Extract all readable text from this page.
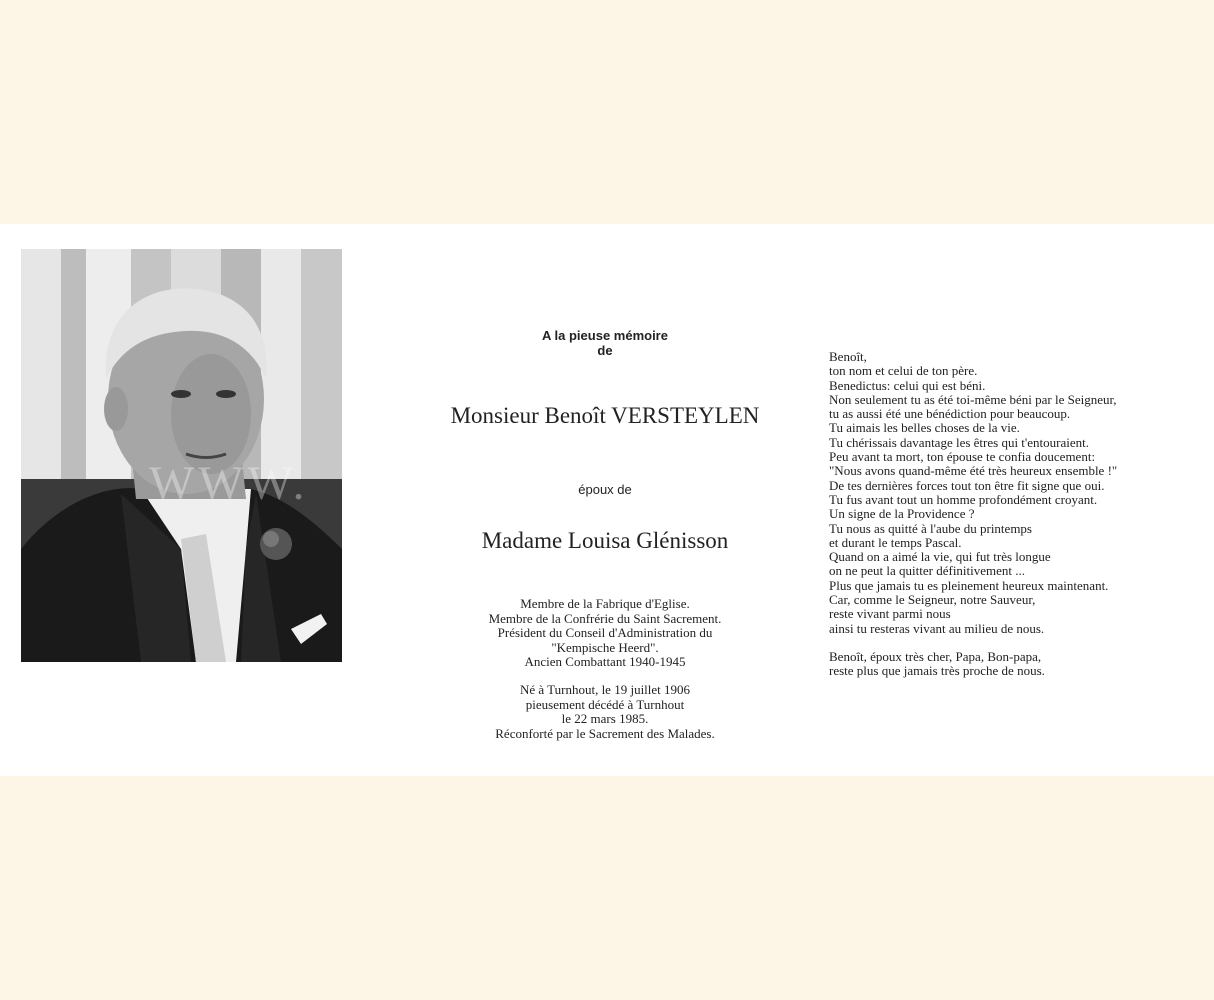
WWW.
A la pieuse mémoire
de
Monsieur Benoît VERSTEYLEN
époux de
Madame Louisa Glénisson
Membre de la Fabrique d'Eglise.
Membre de la Confrérie du Saint Sacrement.
Président du Conseil d'Administration du
"Kempische Heerd".
Ancien Combattant 1940-1945
Né à Turnhout, le 19 juillet 1906
pieusement décédé à Turnhout
le 22 mars 1985.
Réconforté par le Sacrement des Malades.
Benoît,
ton nom et celui de ton père.
Benedictus: celui qui est béni.
Non seulement tu as été toi-même béni par le Seigneur,
tu as aussi été une bénédiction pour beaucoup.
Tu aimais les belles choses de la vie.
Tu chérissais davantage les êtres qui t'entouraient.
Peu avant ta mort, ton épouse te confia doucement:
"Nous avons quand-même été très heureux ensemble !"
De tes dernières forces tout ton être fit signe que oui.
Tu fus avant tout un homme profondément croyant.
Un signe de la Providence ?
Tu nous as quitté à l'aube du printemps
et durant le temps Pascal.
Quand on a aimé la vie, qui fut très longue
on ne peut la quitter définitivement ...
Plus que jamais tu es pleinement heureux maintenant.
Car, comme le Seigneur, notre Sauveur,
reste vivant parmi nous
ainsi tu resteras vivant au milieu de nous.
Benoît, époux très cher, Papa, Bon-papa,
reste plus que jamais très proche de nous.
